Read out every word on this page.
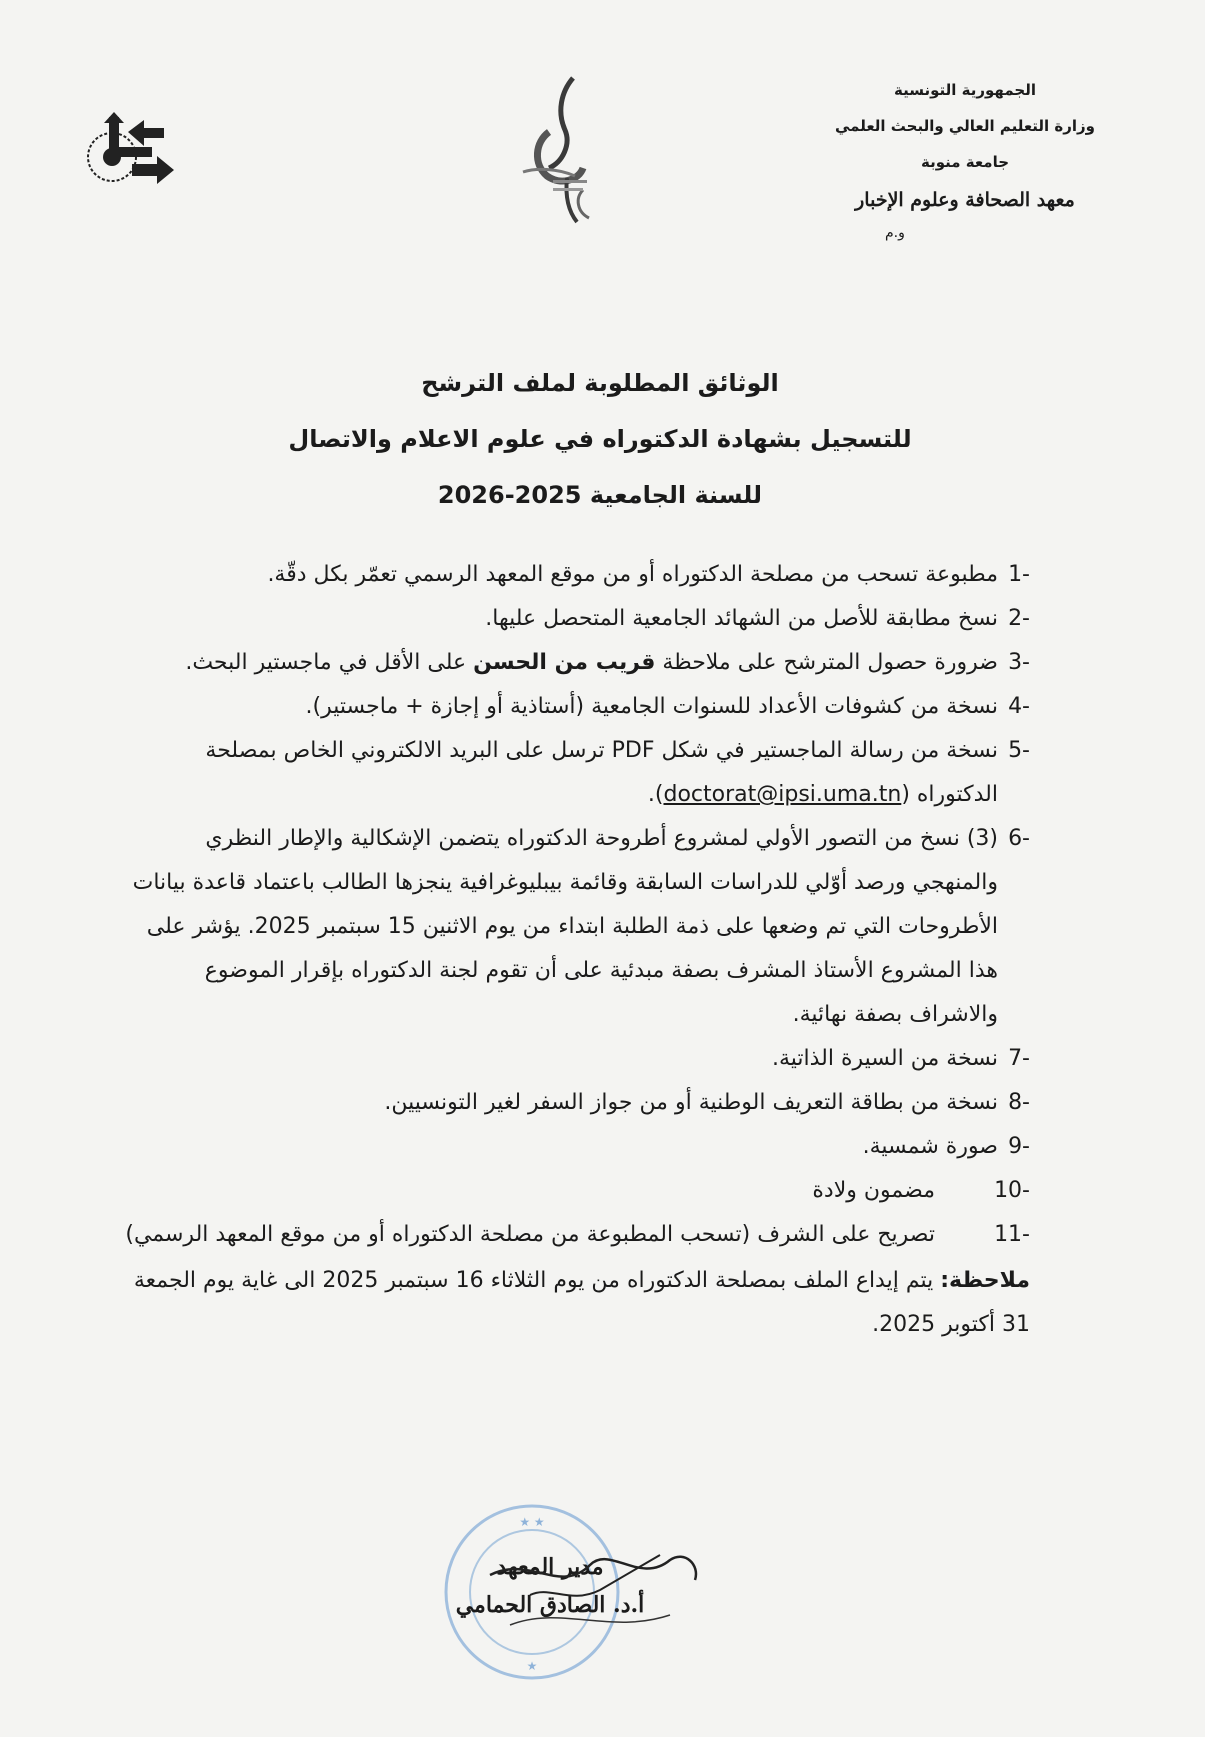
الجمهورية التونسية
وزارة التعليم العالي والبحث العلمي
جامعة منوبة
معهد الصحافة وعلوم الإخبار
و.م
الوثائق المطلوبة لملف الترشح
للتسجيل بشهادة الدكتوراه في علوم الاعلام والاتصال
للسنة الجامعية 2025-2026
1-
مطبوعة تسحب من مصلحة الدكتوراه أو من موقع المعهد الرسمي تعمّر بكل دقّة.
2-
نسخ مطابقة للأصل من الشهائد الجامعية المتحصل عليها.
3-
ضرورة حصول المترشح على ملاحظة قريب من الحسن على الأقل في ماجستير البحث.
4-
نسخة من كشوفات الأعداد للسنوات الجامعية (أستاذية أو إجازة + ماجستير).
5-
نسخة من رسالة الماجستير في شكل PDF ترسل على البريد الالكتروني الخاص بمصلحة الدكتوراه (doctorat@ipsi.uma.tn).
6-
(3) نسخ من التصور الأولي لمشروع أطروحة الدكتوراه يتضمن الإشكالية والإطار النظري والمنهجي ورصد أوّلي للدراسات السابقة وقائمة بيبليوغرافية ينجزها الطالب باعتماد قاعدة بيانات الأطروحات التي تم وضعها على ذمة الطلبة ابتداء من يوم الاثنين 15 سبتمبر 2025. يؤشر على هذا المشروع الأستاذ المشرف بصفة مبدئية على أن تقوم لجنة الدكتوراه بإقرار الموضوع والاشراف بصفة نهائية.
7-
نسخة من السيرة الذاتية.
8-
نسخة من بطاقة التعريف الوطنية أو من جواز السفر لغير التونسيين.
9-
صورة شمسية.
10-
مضمون ولادة
11-
تصريح على الشرف (تسحب المطبوعة من مصلحة الدكتوراه أو من موقع المعهد الرسمي)
ملاحظة: يتم إيداع الملف بمصلحة الدكتوراه من يوم الثلاثاء 16 سبتمبر 2025 الى غاية يوم الجمعة 31 أكتوبر 2025.
★ ★
★
مدير المعهد
أ.د. الصادق الحمامي
